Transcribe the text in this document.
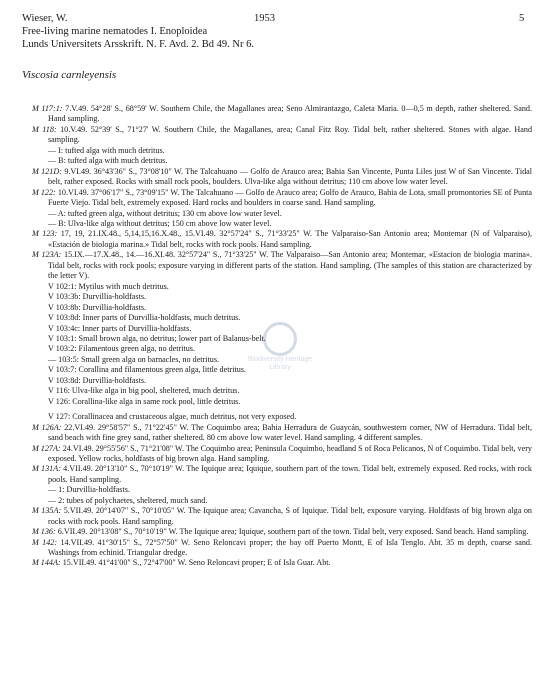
Wieser, W.	1953	5
Free-living marine nematodes I. Enoploidea
Lunds Universitets Arsskrift. N. F. Avd. 2. Bd 49. Nr 6.
Viscosia carnleyensis

M 117:1: 7.V.49. 54°28' S., 68°59' W. Southern Chile, the Magallanes area; Seno Almirantazgo, Caleta Maria. 0—0,5 m depth, rather sheltered. Sand. Hand sampling.

M 118: 10.V.49. 52°39' S., 71°27' W. Southern Chile, the Magallanes, area; Canal Fitz Roy. Tidal belt, rather sheltered. Stones with algae. Hand sampling.

— I: tufted alga with much detritus.

— B: tufted alga with much detritus.

M 121D: 9.VI.49. 36°43'36" S., 73°08'10" W. The Talcahuano — Golfo de Arauco area; Bahia San Vincente, Punta Liles just W of San Vincente. Tidal belt, rather exposed. Rocks with small rock pools, boulders. Ulva-like alga without detritus; 110 cm above low water level.

M 122: 10.VI.49. 37°06'17" S., 73°09'15" W. The Talcahuano — Golfo de Arauco area; Golfo de Arauco, Bahia de Lota, small promontories SE of Punta Fuerte Viejo. Tidal belt, extremely exposed. Hard rocks and boulders in coarse sand. Hand sampling.

— A: tufted green alga, without detritus; 130 cm above low water level.

— B: Ulva-like alga without detritus; 150 cm above low water level.

M 123: 17, 19, 21.IX.48., 5,14,15,16.X.48., 15.VI.49. 32°57'24" S., 71°33'25" W. The Valparaiso-San Antonio area; Montemar (N of Valparaiso), «Estación de biologia marina.» Tidal belt, rocks with rock pools. Hand sampling.

M 123A: 15.IX.—17.X.48., 14.—16.XI.48. 32°57'24" S., 71°33'25" W. The Valparaiso—San Antonio area; Montemar, «Estacion de biologia marina». Tidal belt, rocks with rock pools; exposure varying in different parts of the station. Hand sampling. (The samples of this station are characterized by the letter V).

V 102:1: Mytilus with much detritus.

V 103:3b: Durvillia-holdfasts.

V 103:8b: Durvillia-holdfasts.

V 103:8d: Inner parts of Durvillia-holdfasts, much detritus.

V 103:4c: Inner parts of Durvillia-holdfasts.

V 103:1: Small brown alga, no detritus; lower part of Balanus-belt.

V 103:2: Filamentous green alga, no detritus.

— 103:5: Small green alga on barnacles, no detritus.

V 103:7: Corallina and filamentous green alga, little detritus.

V 103:8d: Durvillia-holdfasts.

V 116: Ulva-like alga in big pool, sheltered, much detritus.

V 126: Corallina-like alga in same rock pool, little detritus.

V 127: Corallinacea and crustaceous algae, much detritus, not very exposed.

M 126A: 22.VI.49. 29°58'57" S., 71°22'45" W. The Coquimbo area; Bahia Herradura de Guaycán, southwestern corner, NW of Herradura. Tidal belt, sand beach with fine grey sand, rather sheltered. 80 cm above low water level. Hand sampling. 4 different samples.

M 127A: 24.VI.49. 29°55'56" S., 71°21'08" W. The Coquimbo area; Peninsula Coquimbo, headland S of Roca Pelicanos, N of Coquimbo. Tidal belt, very exposed. Yellow rocks, holdfasts of big brown alga. Hand sampling.

M 131A: 4.VII.49. 20°13'10" S., 70°10'19" W. The Iquique area; Iquique, southern part of the town. Tidal belt, extremely exposed. Red rocks, with rock pools. Hand sampling.

— 1: Durvillia-holdfasts.

— 2: tubes of polychaetes, sheltered, much sand.

M 135A: 5.VII.49. 20°14'07" S., 70°10'05" W. The Iquique area; Cavancha, S of Iquique. Tidal belt, exposure varying. Holdfasts of big brown alga on rocks with rock pools. Hand sampling.

M 136: 6.VII.49. 20°13'08" S., 70°10'19" W. The Iquique area; Iquique, southern part of the town. Tidal belt, very exposed. Sand beach. Hand sampling.

M 142: 14.VII.49. 41°30'15" S., 72°57'50" W. Seno Reloncavi proper; the bay off Puerto Montt, E of Isla Tenglo. Abt. 35 m depth, coarse sand. Washings from echinid. Triangular dredge.

M 144A: 15.VII.49. 41°41'00" S., 72°47'00" W. Seno Reloncavi proper; E of Isla Guar. Abt.

Biodiversity Heritage
Library
